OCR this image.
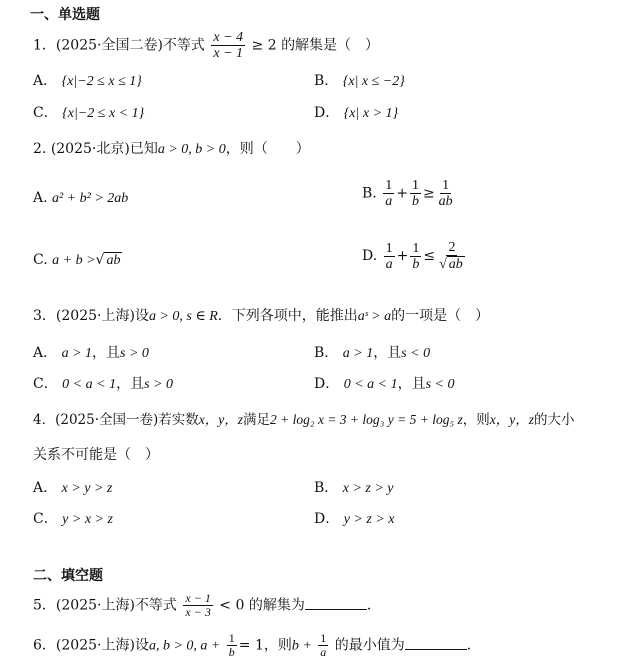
一、单选题
1．(2025·全国二卷)不等式 $\frac{x - 4}{x - 1} \ge 2$ 的解集是（　）
A． {x|−2 ≤ x ≤ 1}	B． {x| x ≤ −2}
C． {x|−2 ≤ x < 1}	D． {x| x > 1}
2. (2025·北京)已知a > 0, b > 0，则（　　）
A. a² + b² > 2ab	B. $\frac{1}{a} + \frac{1}{b} \ge \frac{1}{ab}$
C. a + b >√ ab	D. $\frac{1}{a} + \frac{1}{b} \le \frac{2}{√ ab}$
3．(2025·上海)设a > 0, s ∈ R．下列各项中，能推出aˢ > a的一项是（　）
A． a > 1，且s > 0	B． a > 1，且s < 0
C． 0 < a < 1，且s > 0	D． 0 < a < 1，且s < 0
4．(2025·全国一卷)若实数x，y，z满足2 + log₂ x = 3 + log₃ y = 5 + log₅ z，则x，y，z的大小
关系不可能是（　）
A． x > y > z	B． x > z > y
C． y > x > z	D． y > z > x
二、填空题
5．(2025·上海)不等式 $\frac{x - 1}{x - 3} < 0$ 的解集为	．
6．(2025·上海)设a, b > 0, $a + \frac{1}{b} = 1$，则$b + \frac{1}{a}$ 的最小值为	．
